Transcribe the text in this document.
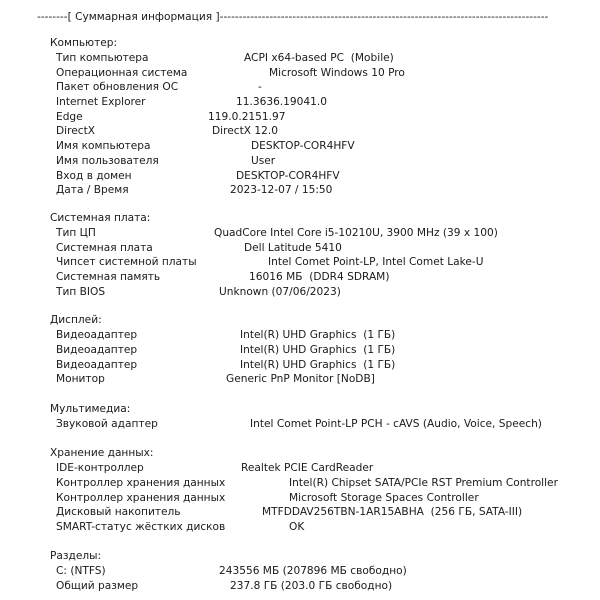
--------[ Суммарная информация ]--------------------------------------------------------------------------------------
Компьютер:
Тип компьютера	ACPI x64-based PC  (Mobile)
Операционная система	Microsoft Windows 10 Pro
Пакет обновления ОС	-
Internet Explorer	11.3636.19041.0
Edge	119.0.2151.97
DirectX	DirectX 12.0
Имя компьютера	DESKTOP-COR4HFV
Имя пользователя	User
Вход в домен	DESKTOP-COR4HFV
Дата / Время	2023-12-07 / 15:50
Системная плата:
Тип ЦП	QuadCore Intel Core i5-10210U, 3900 MHz (39 x 100)
Системная плата	Dell Latitude 5410
Чипсет системной платы	Intel Comet Point-LP, Intel Comet Lake-U
Системная память	16016 МБ  (DDR4 SDRAM)
Тип BIOS	Unknown (07/06/2023)
Дисплей:
Видеоадаптер	Intel(R) UHD Graphics  (1 ГБ)
Видеоадаптер	Intel(R) UHD Graphics  (1 ГБ)
Видеоадаптер	Intel(R) UHD Graphics  (1 ГБ)
Монитор	Generic PnP Monitor [NoDB]
Мультимедиа:
Звуковой адаптер	Intel Comet Point-LP PCH - cAVS (Audio, Voice, Speech)
Хранение данных:
IDE-контроллер	Realtek PCIE CardReader
Контроллер хранения данных	Intel(R) Chipset SATA/PCIe RST Premium Controller
Контроллер хранения данных	Microsoft Storage Spaces Controller
Дисковый накопитель	MTFDDAV256TBN-1AR15ABHA  (256 ГБ, SATA-III)
SMART-статус жёстких дисков	OK
Разделы:
C: (NTFS)	243556 МБ (207896 МБ свободно)
Общий размер	237.8 ГБ (203.0 ГБ свободно)
